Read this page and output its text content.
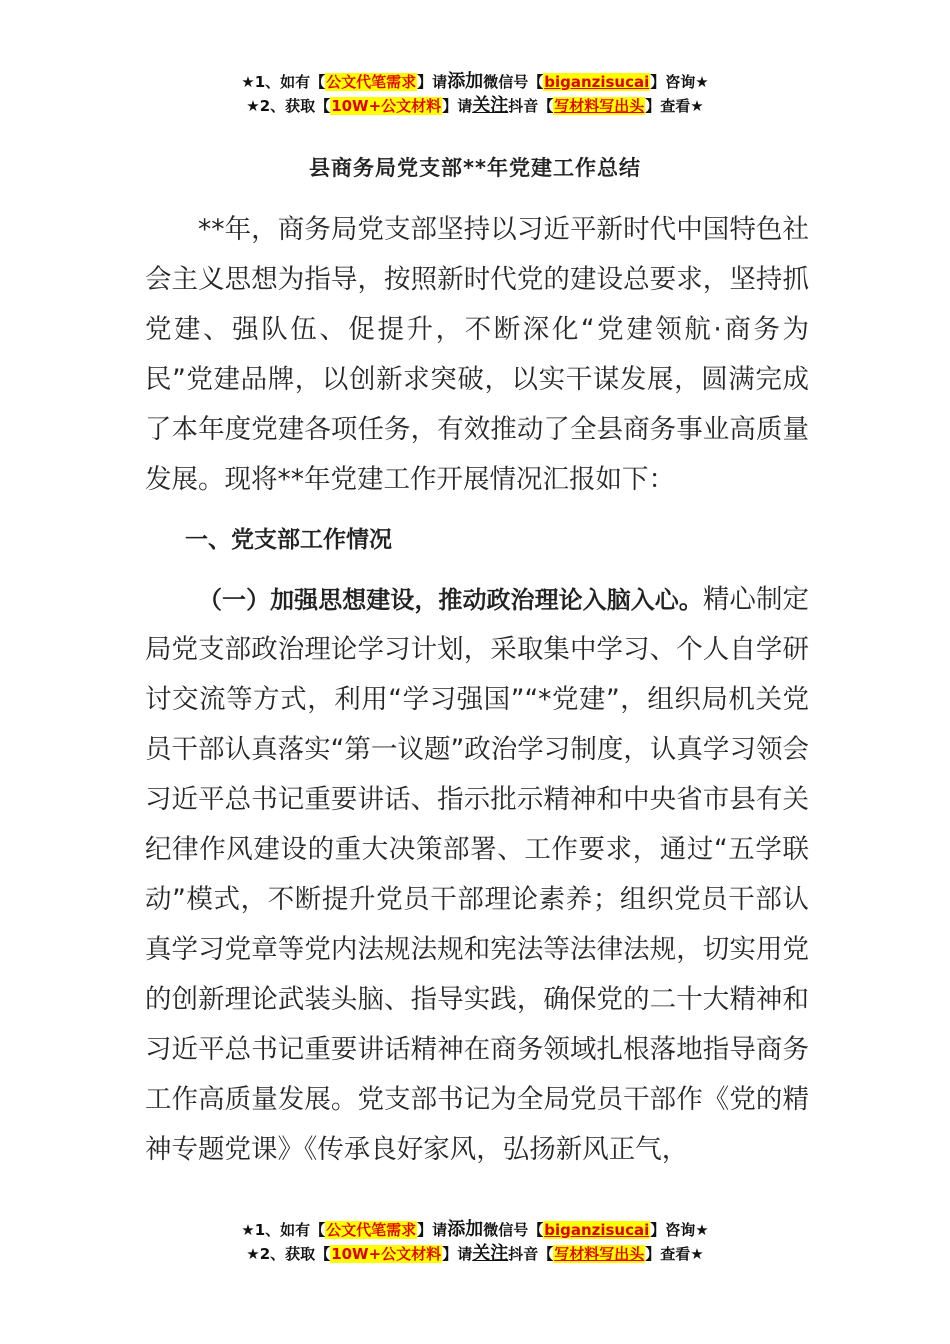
★1、如有【公文代笔需求】请添加微信号【biganzisucai】咨询★
★2、获取【10W+公文材料】请关注抖音【写材料写出头】查看★
县商务局党支部**年党建工作总结

**年，商务局党支部坚持以习近平新时代中国特色社会主义思想为指导，按照新时代党的建设总要求，坚持抓党建、强队伍、促提升，不断深化“党建领航·商务为民”党建品牌，以创新求突破，以实干谋发展，圆满完成了本年度党建各项任务，有效推动了全县商务事业高质量发展。现将**年党建工作开展情况汇报如下：

一、党支部工作情况

（一）加强思想建设，推动政治理论入脑入心。精心制定局党支部政治理论学习计划，采取集中学习、个人自学研讨交流等方式，利用“学习强国”“*党建”，组织局机关党员干部认真落实“第一议题”政治学习制度，认真学习领会习近平总书记重要讲话、指示批示精神和中央省市县有关纪律作风建设的重大决策部署、工作要求，通过“五学联动”模式，不断提升党员干部理论素养；组织党员干部认真学习党章等党内法规法规和宪法等法律法规，切实用党的创新理论武装头脑、指导实践，确保党的二十大精神和习近平总书记重要讲话精神在商务领域扎根落地指导商务工作高质量发展。党支部书记为全局党员干部作《党的精神专题党课》《传承良好家风，弘扬新风正气，

★1、如有【公文代笔需求】请添加微信号【biganzisucai】咨询★
★2、获取【10W+公文材料】请关注抖音【写材料写出头】查看★
